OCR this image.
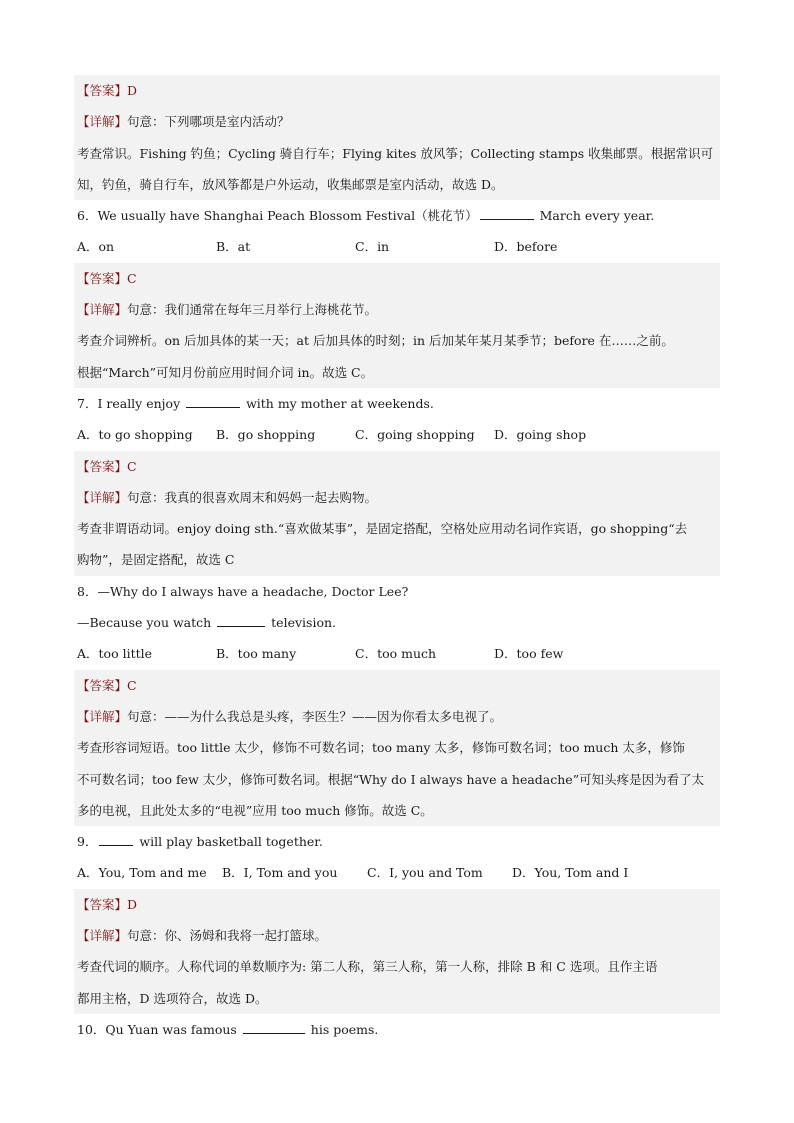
【答案】D
【详解】句意：下列哪项是室内活动？
考查常识。Fishing 钓鱼；Cycling 骑自行车；Flying kites 放风筝；Collecting stamps 收集邮票。根据常识可
知，钓鱼，骑自行车，放风筝都是户外运动，收集邮票是室内活动，故选 D。
6．We usually have Shanghai Peach Blossom Festival（桃花节）	March every year.
A．on	B．at	C．in	D．before
【答案】C
【详解】句意：我们通常在每年三月举行上海桃花节。
考查介词辨析。on 后加具体的某一天；at 后加具体的时刻；in 后加某年某月某季节；before 在……之前。
根据“March”可知月份前应用时间介词 in。故选 C。
7．I really enjoy	with my mother at weekends.
A．to go shopping	B．go shopping	C．going shopping	D．going shop
【答案】C
【详解】句意：我真的很喜欢周末和妈妈一起去购物。
考查非谓语动词。enjoy doing sth.“喜欢做某事”，是固定搭配，空格处应用动名词作宾语，go shopping“去
购物”，是固定搭配，故选 C
8．—Why do I always have a headache, Doctor Lee?
—Because you watch	television.
A．too little	B．too many	C．too much	D．too few
【答案】C
【详解】句意：——为什么我总是头疼，李医生？——因为你看太多电视了。
考查形容词短语。too little 太少，修饰不可数名词；too many 太多，修饰可数名词；too much 太多，修饰
不可数名词；too few 太少，修饰可数名词。根据“Why do I always have a headache”可知头疼是因为看了太
多的电视，且此处太多的“电视”应用 too much 修饰。故选 C。
9．	will play basketball together.
A．You, Tom and me B．I, Tom and you	C．I, you and Tom	D．You, Tom and I
【答案】D
【详解】句意：你、汤姆和我将一起打篮球。
考查代词的顺序。人称代词的单数顺序为: 第二人称，第三人称，第一人称，排除 B 和 C 选项。且作主语
都用主格，D 选项符合，故选 D。
10．Qu Yuan was famous	his poems.
